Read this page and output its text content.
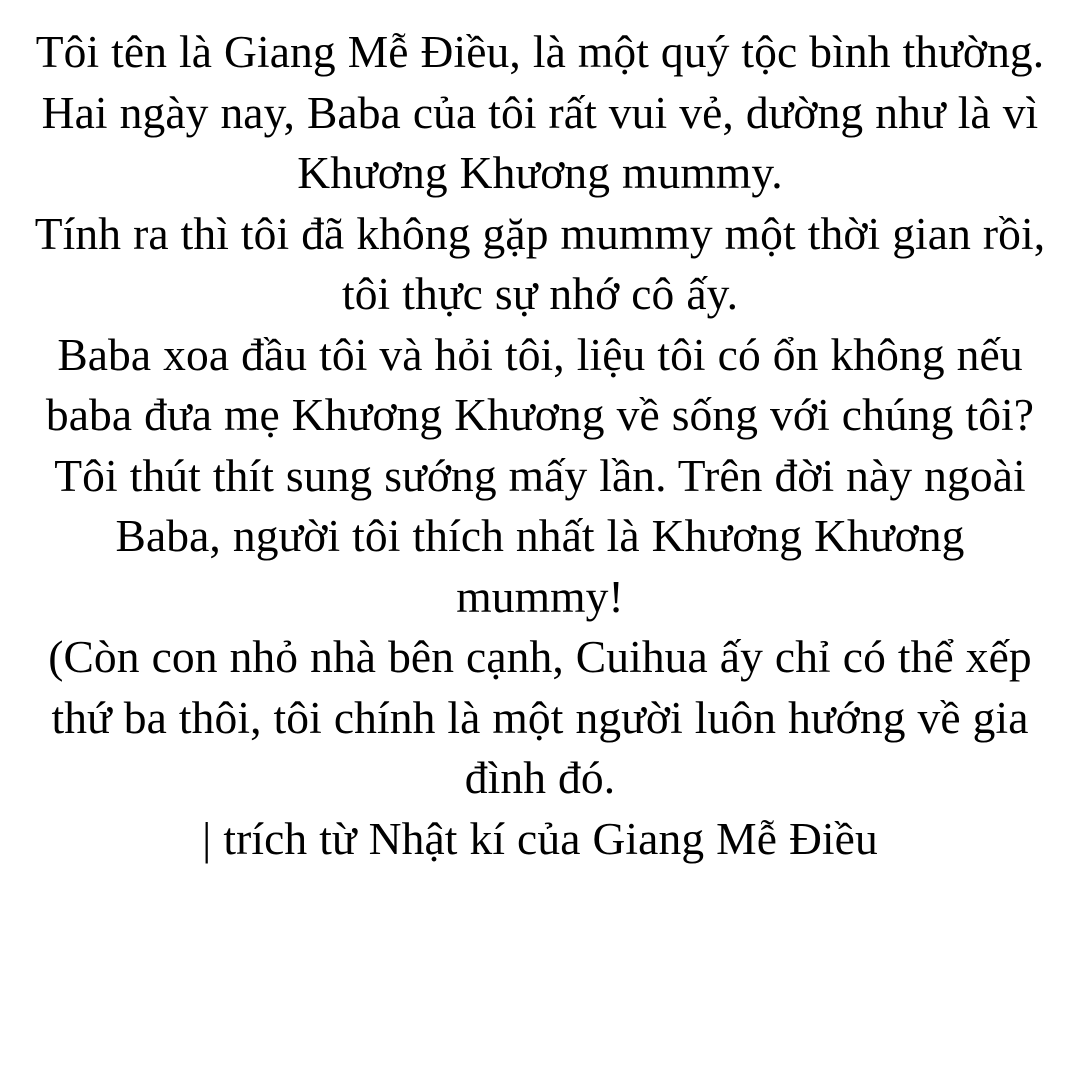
Tôi tên là Giang Mễ Điều, là một quý tộc bình thường.

Hai ngày nay, Baba của tôi rất vui vẻ, dường như là vì Khương Khương mummy.

Tính ra thì tôi đã không gặp mummy một thời gian rồi, tôi thực sự nhớ cô ấy.

Baba xoa đầu tôi và hỏi tôi, liệu tôi có ổn không nếu baba đưa mẹ Khương Khương về sống với chúng tôi?

Tôi thút thít sung sướng mấy lần. Trên đời này ngoài Baba, người tôi thích nhất là Khương Khương mummy!

(Còn con nhỏ nhà bên cạnh, Cuihua ấy chỉ có thể xếp thứ ba thôi, tôi chính là một người luôn hướng về gia đình đó.

| trích từ Nhật kí của Giang Mễ Điều
